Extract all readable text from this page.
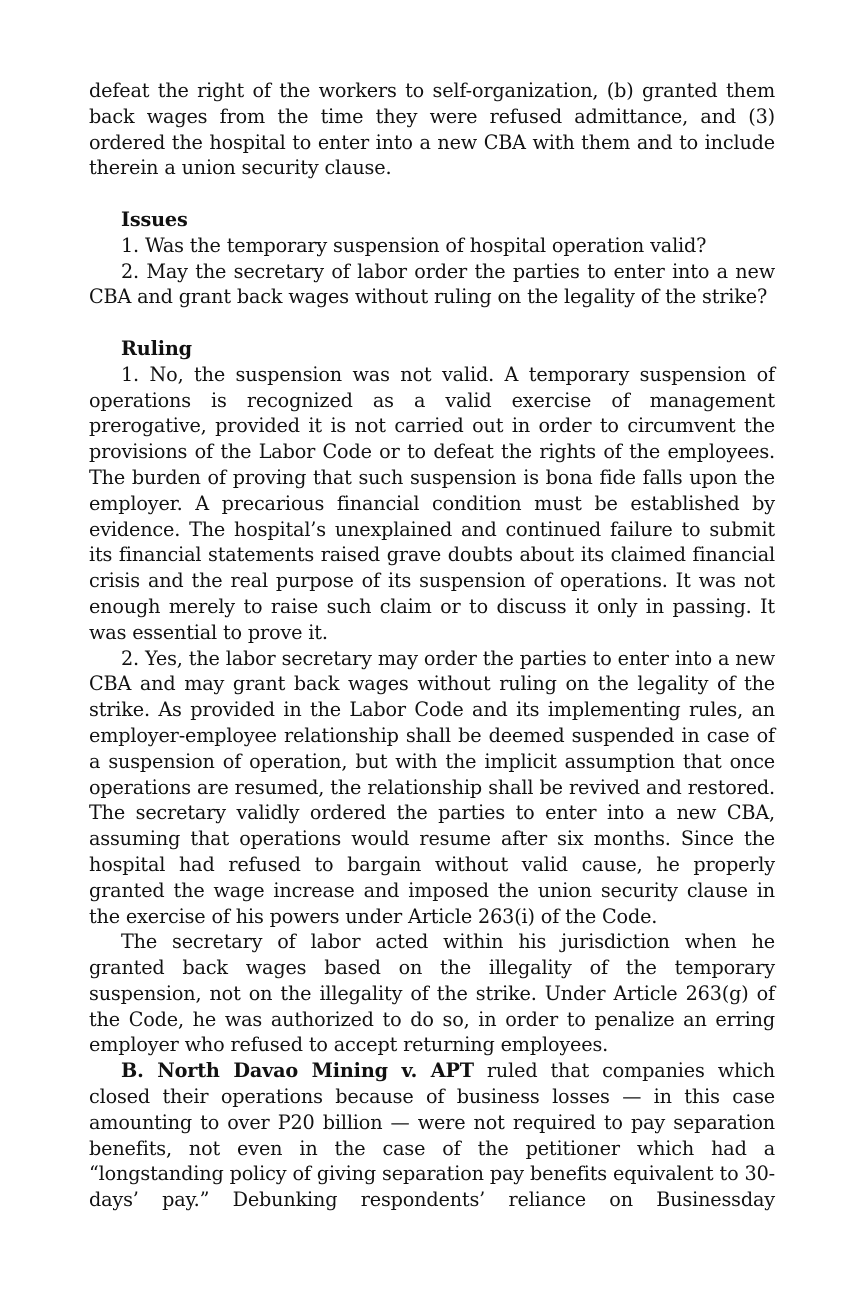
defeat the right of the workers to self-organization, (b) granted them back wages from the time they were refused admittance, and (3) ordered the hospital to enter into a new CBA with them and to include therein a union security clause.

Issues

1. Was the temporary suspension of hospital operation valid?

2. May the secretary of labor order the parties to enter into a new CBA and grant back wages without ruling on the legality of the strike?

Ruling

1. No, the suspension was not valid. A temporary suspension of operations is recognized as a valid exercise of management prerogative, provided it is not carried out in order to circumvent the provisions of the Labor Code or to defeat the rights of the employees. The burden of proving that such suspension is bona fide falls upon the employer. A precarious financial condition must be established by evidence. The hospital’s unexplained and continued failure to submit its financial statements raised grave doubts about its claimed financial crisis and the real purpose of its suspension of operations. It was not enough merely to raise such claim or to discuss it only in passing. It was essential to prove it.

2. Yes, the labor secretary may order the parties to enter into a new CBA and may grant back wages without ruling on the legality of the strike. As provided in the Labor Code and its implementing rules, an employer-employee relationship shall be deemed suspended in case of a suspension of operation, but with the implicit assumption that once operations are resumed, the relationship shall be revived and restored. The secretary validly ordered the parties to enter into a new CBA, assuming that operations would resume after six months. Since the hospital had refused to bargain without valid cause, he properly granted the wage increase and imposed the union security clause in the exercise of his powers under Article 263(i) of the Code.

The secretary of labor acted within his jurisdiction when he granted back wages based on the illegality of the temporary suspension, not on the illegality of the strike. Under Article 263(g) of the Code, he was authorized to do so, in order to penalize an erring employer who refused to accept returning employees.

B. North Davao Mining v. APT ruled that companies which closed their operations because of business losses — in this case amounting to over P20 billion — were not required to pay separation benefits, not even in the case of the petitioner which had a “longstanding policy of giving separation pay benefits equivalent to 30-days’ pay.” Debunking respondents’ reliance on Businessday
